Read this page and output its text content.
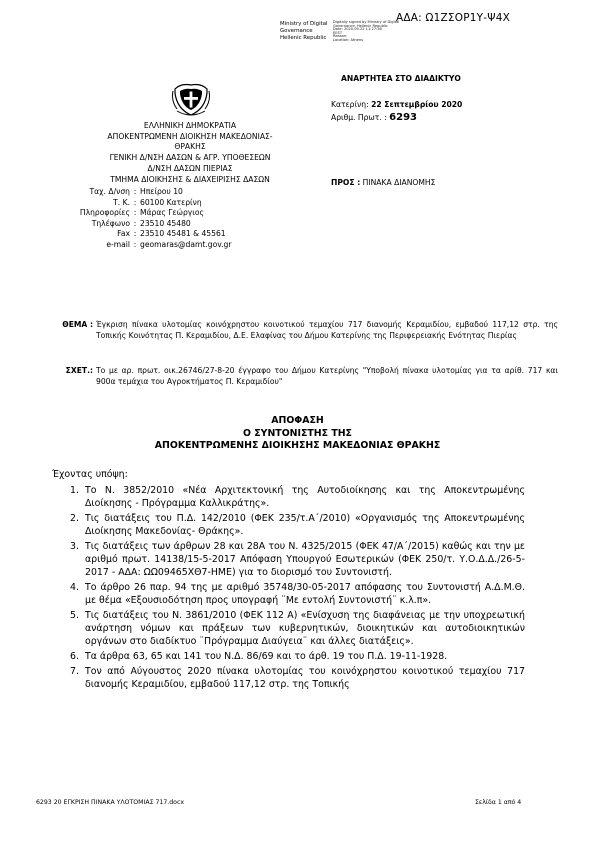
ΑΔΑ: Ω1ΖΣΟΡ1Υ-Ψ4Χ
Ministry of Digital	Digitally signed by Ministry of Digital
Governance, Hellenic Republic
Governance	Date: 2020.09.22 11:27:36
EEST
Hellenic Republic	Reason:
Location: Athens
ΕΛΛΗΝΙΚΗ ΔΗΜΟΚΡΑΤΙΑ
ΑΠΟΚΕΝΤΡΩΜΕΝΗ ΔΙΟΙΚΗΣΗ ΜΑΚΕΔΟΝΙΑΣ-ΘΡΑΚΗΣ
ΓΕΝΙΚΗ Δ/ΝΣΗ ΔΑΣΩΝ & ΑΓΡ. ΥΠΟΘΕΣΕΩΝ
Δ/ΝΣΗ ΔΑΣΩΝ ΠΙΕΡΙΑΣ
ΤΜΗΜΑ ΔΙΟΙΚΗΣΗΣ & ΔΙΑΧΕΙΡΙΣΗΣ ΔΑΣΩΝ
Ταχ. Δ/νση : Ηπείρου 10
Τ. Κ. : 60100 Κατερίνη
Πληροφορίες : Μάρας Γεώργιος
Τηλέφωνο : 23510 45480
Fax : 23510 45481 & 45561
e-mail : geomaras@damt.gov.gr
ΑΝΑΡΤΗΤΕΑ ΣΤΟ ΔΙΑΔΙΚΤΥΟ
Κατερίνη: 22 Σεπτεμβρίου 2020
Αριθμ. Πρωτ. : 6293
ΠΡΟΣ : ΠΙΝΑΚΑ ΔΙΑΝΟΜΗΣ
ΘΕΜΑ : Έγκριση πίνακα υλοτομίας κοινόχρηστου κοινοτικού τεμαχίου 717 διανομής Κεραμιδίου, εμβαδού 117,12 στρ. της Τοπικής Κοινότητας Π. Κεραμιδίου, Δ.Ε. Ελαφίνας του Δήμου Κατερίνης της Περιφερειακής Ενότητας Πιερίας
ΣΧΕΤ.: Το με αρ. πρωτ. οικ.26746/27-8-20 έγγραφο του Δήμου Κατερίνης "Υποβολή πίνακα υλοτομίας για τα αρίθ. 717 και 900α τεμάχια του Αγροκτήματος Π. Κεραμιδίου"
ΑΠΟΦΑΣΗ
Ο ΣΥΝΤΟΝΙΣΤΗΣ ΤΗΣ
ΑΠΟΚΕΝΤΡΩΜΕΝΗΣ ΔΙΟΙΚΗΣΗΣ ΜΑΚΕΔΟΝΙΑΣ ΘΡΑΚΗΣ
Έχοντας υπόψη:
1. Το Ν. 3852/2010 «Νέα Αρχιτεκτονική της Αυτοδιοίκησης και της Αποκεντρωμένης Διοίκησης - Πρόγραμμα Καλλικράτης».
2. Τις διατάξεις του Π.Δ. 142/2010 (ΦΕΚ 235/τ.Α΄/2010) «Οργανισμός της Αποκεντρωμένης Διοίκησης Μακεδονίας- Θράκης».
3. Τις διατάξεις των άρθρων 28 και 28Α του Ν. 4325/2015 (ΦΕΚ 47/Α΄/2015) καθώς και την με αριθμό πρωτ. 14138/15-5-2017 Απόφαση Υπουργού Εσωτερικών (ΦΕΚ 250/τ. Υ.Ο.Δ.Δ./26-5-2017 - ΑΔΑ: ΩΩ09465ΧΘ7-ΗΜΕ) για το διορισμό του Συντονιστή.
4. Το άρθρο 26 παρ. 94 της με αριθμό 35748/30-05-2017 απόφασης του Συντονιστή Α.Δ.Μ.Θ. με θέμα «Εξουσιοδότηση προς υπογραφή ¨Με εντολή Συντονιστή¨ κ.λ.π».
5. Τις διατάξεις του Ν. 3861/2010 (ΦΕΚ 112 Α) «Ενίσχυση της διαφάνειας με την υποχρεωτική ανάρτηση νόμων και πράξεων των κυβερνητικών, διοικητικών και αυτοδιοικητικών οργάνων στο διαδίκτυο ¨Πρόγραμμα Διαύγεια¨ και άλλες διατάξεις».
6. Τα άρθρα 63, 65 και 141 του Ν.Δ. 86/69 και το άρθ. 19 του Π.Δ. 19-11-1928.
7. Τον από Αύγουστος 2020 πίνακα υλοτομίας του κοινόχρηστου κοινοτικού τεμαχίου 717 διανομής Κεραμιδίου, εμβαδού 117,12 στρ. της Τοπικής
6293 20 ΕΓΚΡΙΣΗ ΠΙΝΑΚΑ ΥΛΟΤΟΜΙΑΣ 717.docx	Σελίδα 1 από 4
